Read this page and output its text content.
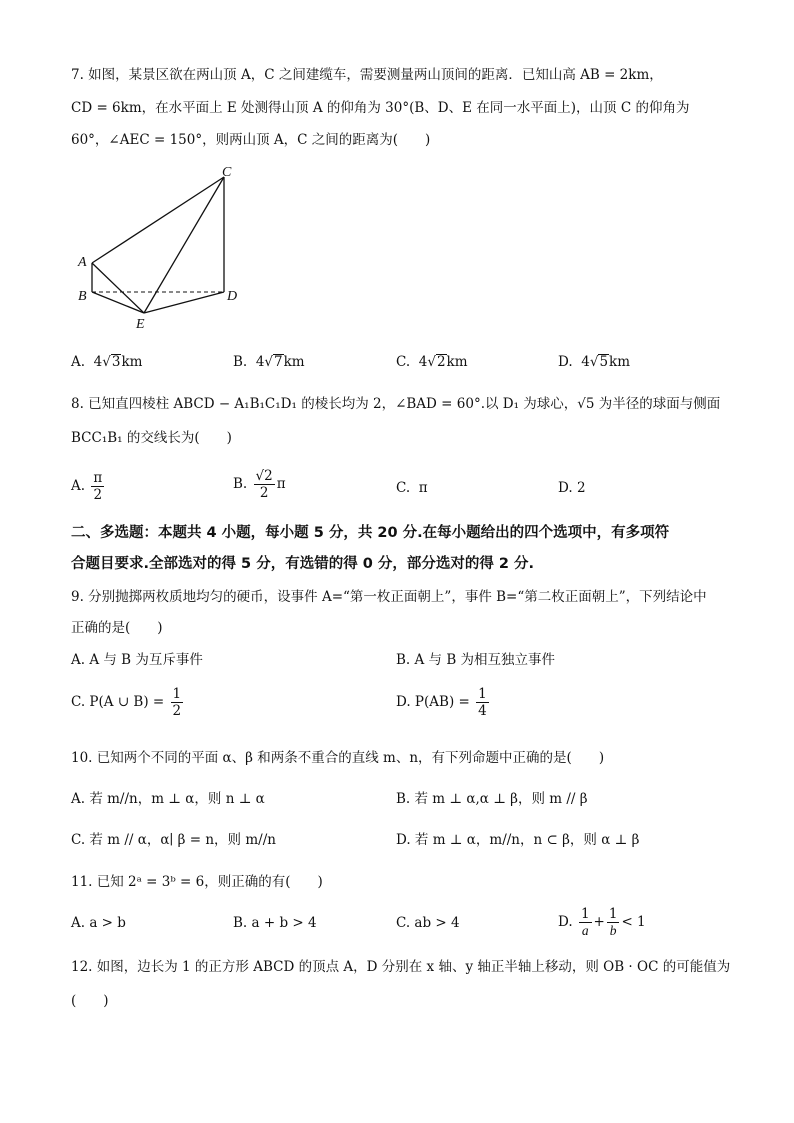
7. 如图，某景区欲在两山顶 A，C 之间建缆车，需要测量两山顶间的距离．已知山高 AB = 2km，
CD = 6km，在水平面上 E 处测得山顶 A 的仰角为 30°(B、D、E 在同一水平面上)，山顶 C 的仰角为
60°，∠AEC = 150°，则两山顶 A，C 之间的距离为(　　)
C
A
B	D
E
A. 4√3km	B. 4√7km	C. 4√2km	D. 4√5km
8. 已知直四棱柱 ABCD − A₁B₁C₁D₁ 的棱长均为 2，∠BAD = 60°.以 D₁ 为球心，√5 为半径的球面与侧面
BCC₁B₁ 的交线长为(　　)
A. $\frac{\pi}{2}$	B. $\frac{√2}{2}$ π	C. π	D. 2
二、多选题：本题共 4 小题，每小题 5 分，共 20 分.在每小题给出的四个选项中，有多项符
合题目要求.全部选对的得 5 分，有选错的得 0 分，部分选对的得 2 分.
9. 分别抛掷两枚质地均匀的硬币，设事件 A=“第一枚正面朝上”，事件 B=“第二枚正面朝上”，下列结论中
正确的是(　　)
A. A 与 B 为互斥事件	B. A 与 B 为相互独立事件
C. P(A ∪ $B) = \frac{1}{2}$	D. $P(AB) = \frac{1}{4}$
10. 已知两个不同的平面 α、β 和两条不重合的直线 m、n，有下列命题中正确的是(　　)
A. 若 m//n，m ⊥ α，则 n ⊥ α	B. 若 m ⊥ α,α ⊥ β，则 m // β
C. 若 m // α，α∣ β = n，则 m//n	D. 若 m ⊥ α，m//n，n ⊂ β，则 α ⊥ β
11. 已知 2ᵃ = 3ᵇ = 6，则正确的有(　　)
A. a > b	B. a + b > 4	C. ab > 4	D. $\frac{1}{a} + \frac{1}{b} < 1$
12. 如图，边长为 1 的正方形 ABCD 的顶点 A，D 分别在 x 轴、y 轴正半轴上移动，则 OB · OC 的可能值为
(　　)
